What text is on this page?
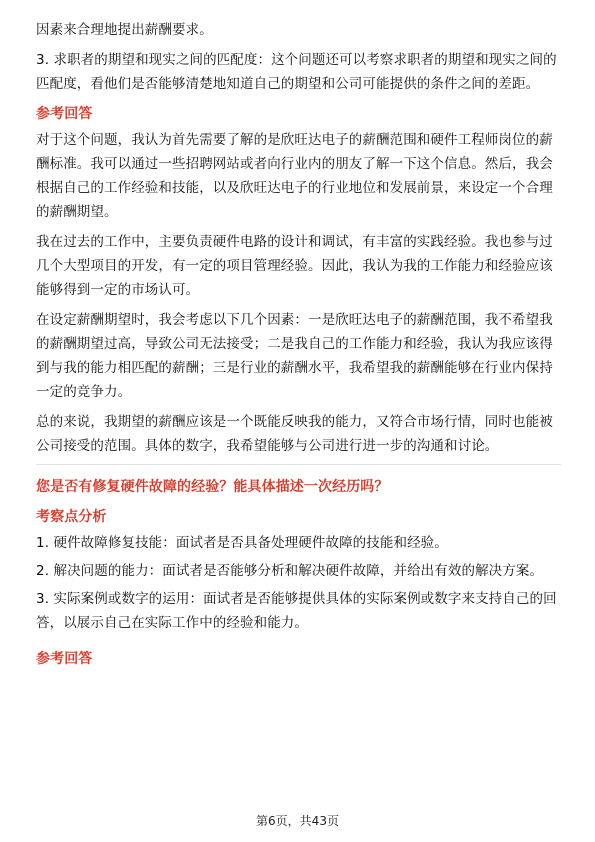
因素来合理地提出薪酬要求。

3. 求职者的期望和现实之间的匹配度：这个问题还可以考察求职者的期望和现实之间的匹配度，看他们是否能够清楚地知道自己的期望和公司可能提供的条件之间的差距。

参考回答

对于这个问题，我认为首先需要了解的是欣旺达电子的薪酬范围和硬件工程师岗位的薪酬标准。我可以通过一些招聘网站或者向行业内的朋友了解一下这个信息。然后，我会根据自己的工作经验和技能，以及欣旺达电子的行业地位和发展前景，来设定一个合理的薪酬期望。

我在过去的工作中，主要负责硬件电路的设计和调试，有丰富的实践经验。我也参与过几个大型项目的开发，有一定的项目管理经验。因此，我认为我的工作能力和经验应该能够得到一定的市场认可。

在设定薪酬期望时，我会考虑以下几个因素：一是欣旺达电子的薪酬范围，我不希望我的薪酬期望过高，导致公司无法接受；二是我自己的工作能力和经验，我认为我应该得到与我的能力相匹配的薪酬；三是行业的薪酬水平，我希望我的薪酬能够在行业内保持一定的竞争力。

总的来说，我期望的薪酬应该是一个既能反映我的能力，又符合市场行情，同时也能被公司接受的范围。具体的数字，我希望能够与公司进行进一步的沟通和讨论。

您是否有修复硬件故障的经验？能具体描述一次经历吗？

考察点分析

1. 硬件故障修复技能：面试者是否具备处理硬件故障的技能和经验。

2. 解决问题的能力：面试者是否能够分析和解决硬件故障，并给出有效的解决方案。

3. 实际案例或数字的运用：面试者是否能够提供具体的实际案例或数字来支持自己的回答，以展示自己在实际工作中的经验和能力。

参考回答

第6页，共43页
